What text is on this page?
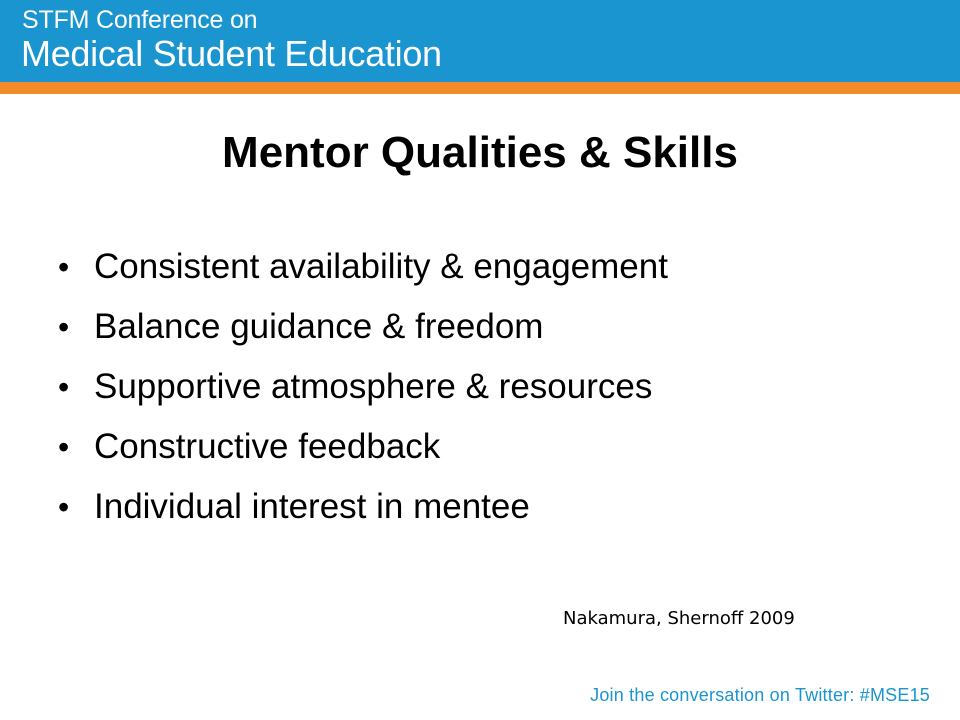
STFM Conference on
Medical Student Education
Mentor Qualities & Skills
• Consistent availability & engagement
• Balance guidance & freedom
• Supportive atmosphere & resources
• Constructive feedback
• Individual interest in mentee
Nakamura, Shernoff 2009
Join the conversation on Twitter: #MSE15
